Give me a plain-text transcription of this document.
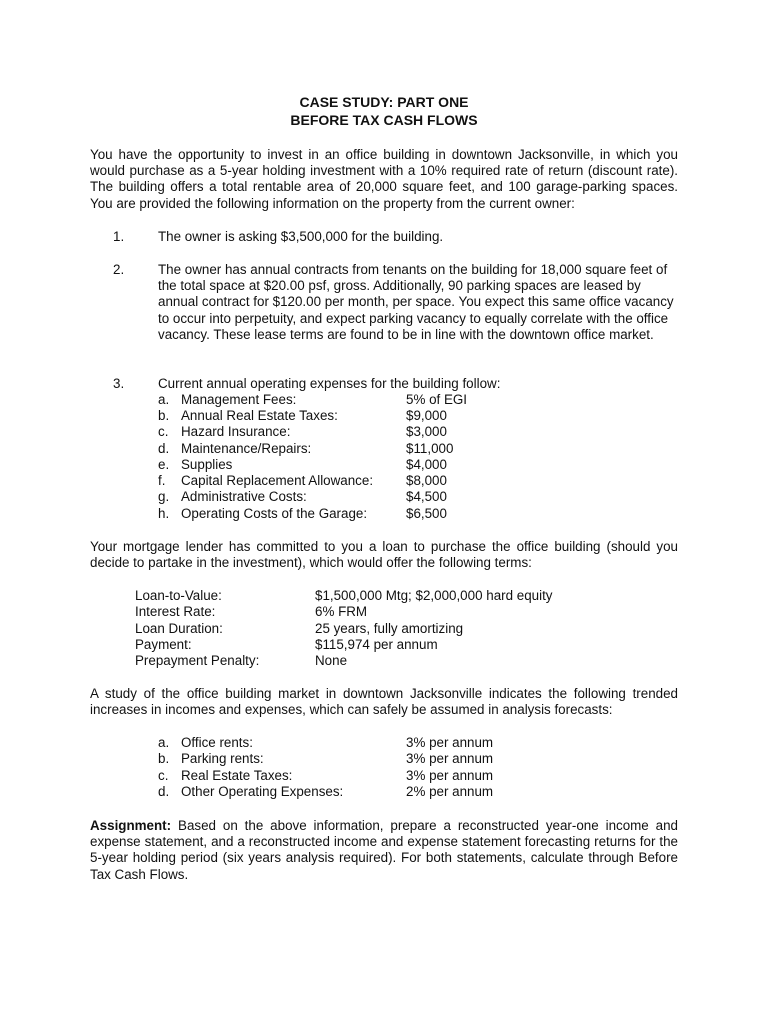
CASE STUDY: PART ONE
BEFORE TAX CASH FLOWS
You have the opportunity to invest in an office building in downtown Jacksonville, in which you would purchase as a 5-year holding investment with a 10% required rate of return (discount rate). The building offers a total rentable area of 20,000 square feet, and 100 garage-parking spaces. You are provided the following information on the property from the current owner:
1.	The owner is asking $3,500,000 for the building.
2.	The owner has annual contracts from tenants on the building for 18,000 square feet of the total space at $20.00 psf, gross. Additionally, 90 parking spaces are leased by annual contract for $120.00 per month, per space. You expect this same office vacancy to occur into perpetuity, and expect parking vacancy to equally correlate with the office vacancy. These lease terms are found to be in line with the downtown office market.
3.	Current annual operating expenses for the building follow:
a. Management Fees:	5% of EGI
b. Annual Real Estate Taxes:	$9,000
c. Hazard Insurance:	$3,000
d. Maintenance/Repairs:	$11,000
e. Supplies	$4,000
f. Capital Replacement Allowance: $8,000
g. Administrative Costs:	$4,500
h. Operating Costs of the Garage:	$6,500
Your mortgage lender has committed to you a loan to purchase the office building (should you decide to partake in the investment), which would offer the following terms:
Loan-to-Value:	$1,500,000 Mtg; $2,000,000 hard equity
Interest Rate:	6% FRM
Loan Duration:	25 years, fully amortizing
Payment:	$115,974 per annum
Prepayment Penalty:	None
A study of the office building market in downtown Jacksonville indicates the following trended increases in incomes and expenses, which can safely be assumed in analysis forecasts:
a. Office rents:	3% per annum
b. Parking rents:	3% per annum
c. Real Estate Taxes:	3% per annum
d. Other Operating Expenses:	2% per annum
Assignment: Based on the above information, prepare a reconstructed year-one income and expense statement, and a reconstructed income and expense statement forecasting returns for the 5-year holding period (six years analysis required). For both statements, calculate through Before Tax Cash Flows.
